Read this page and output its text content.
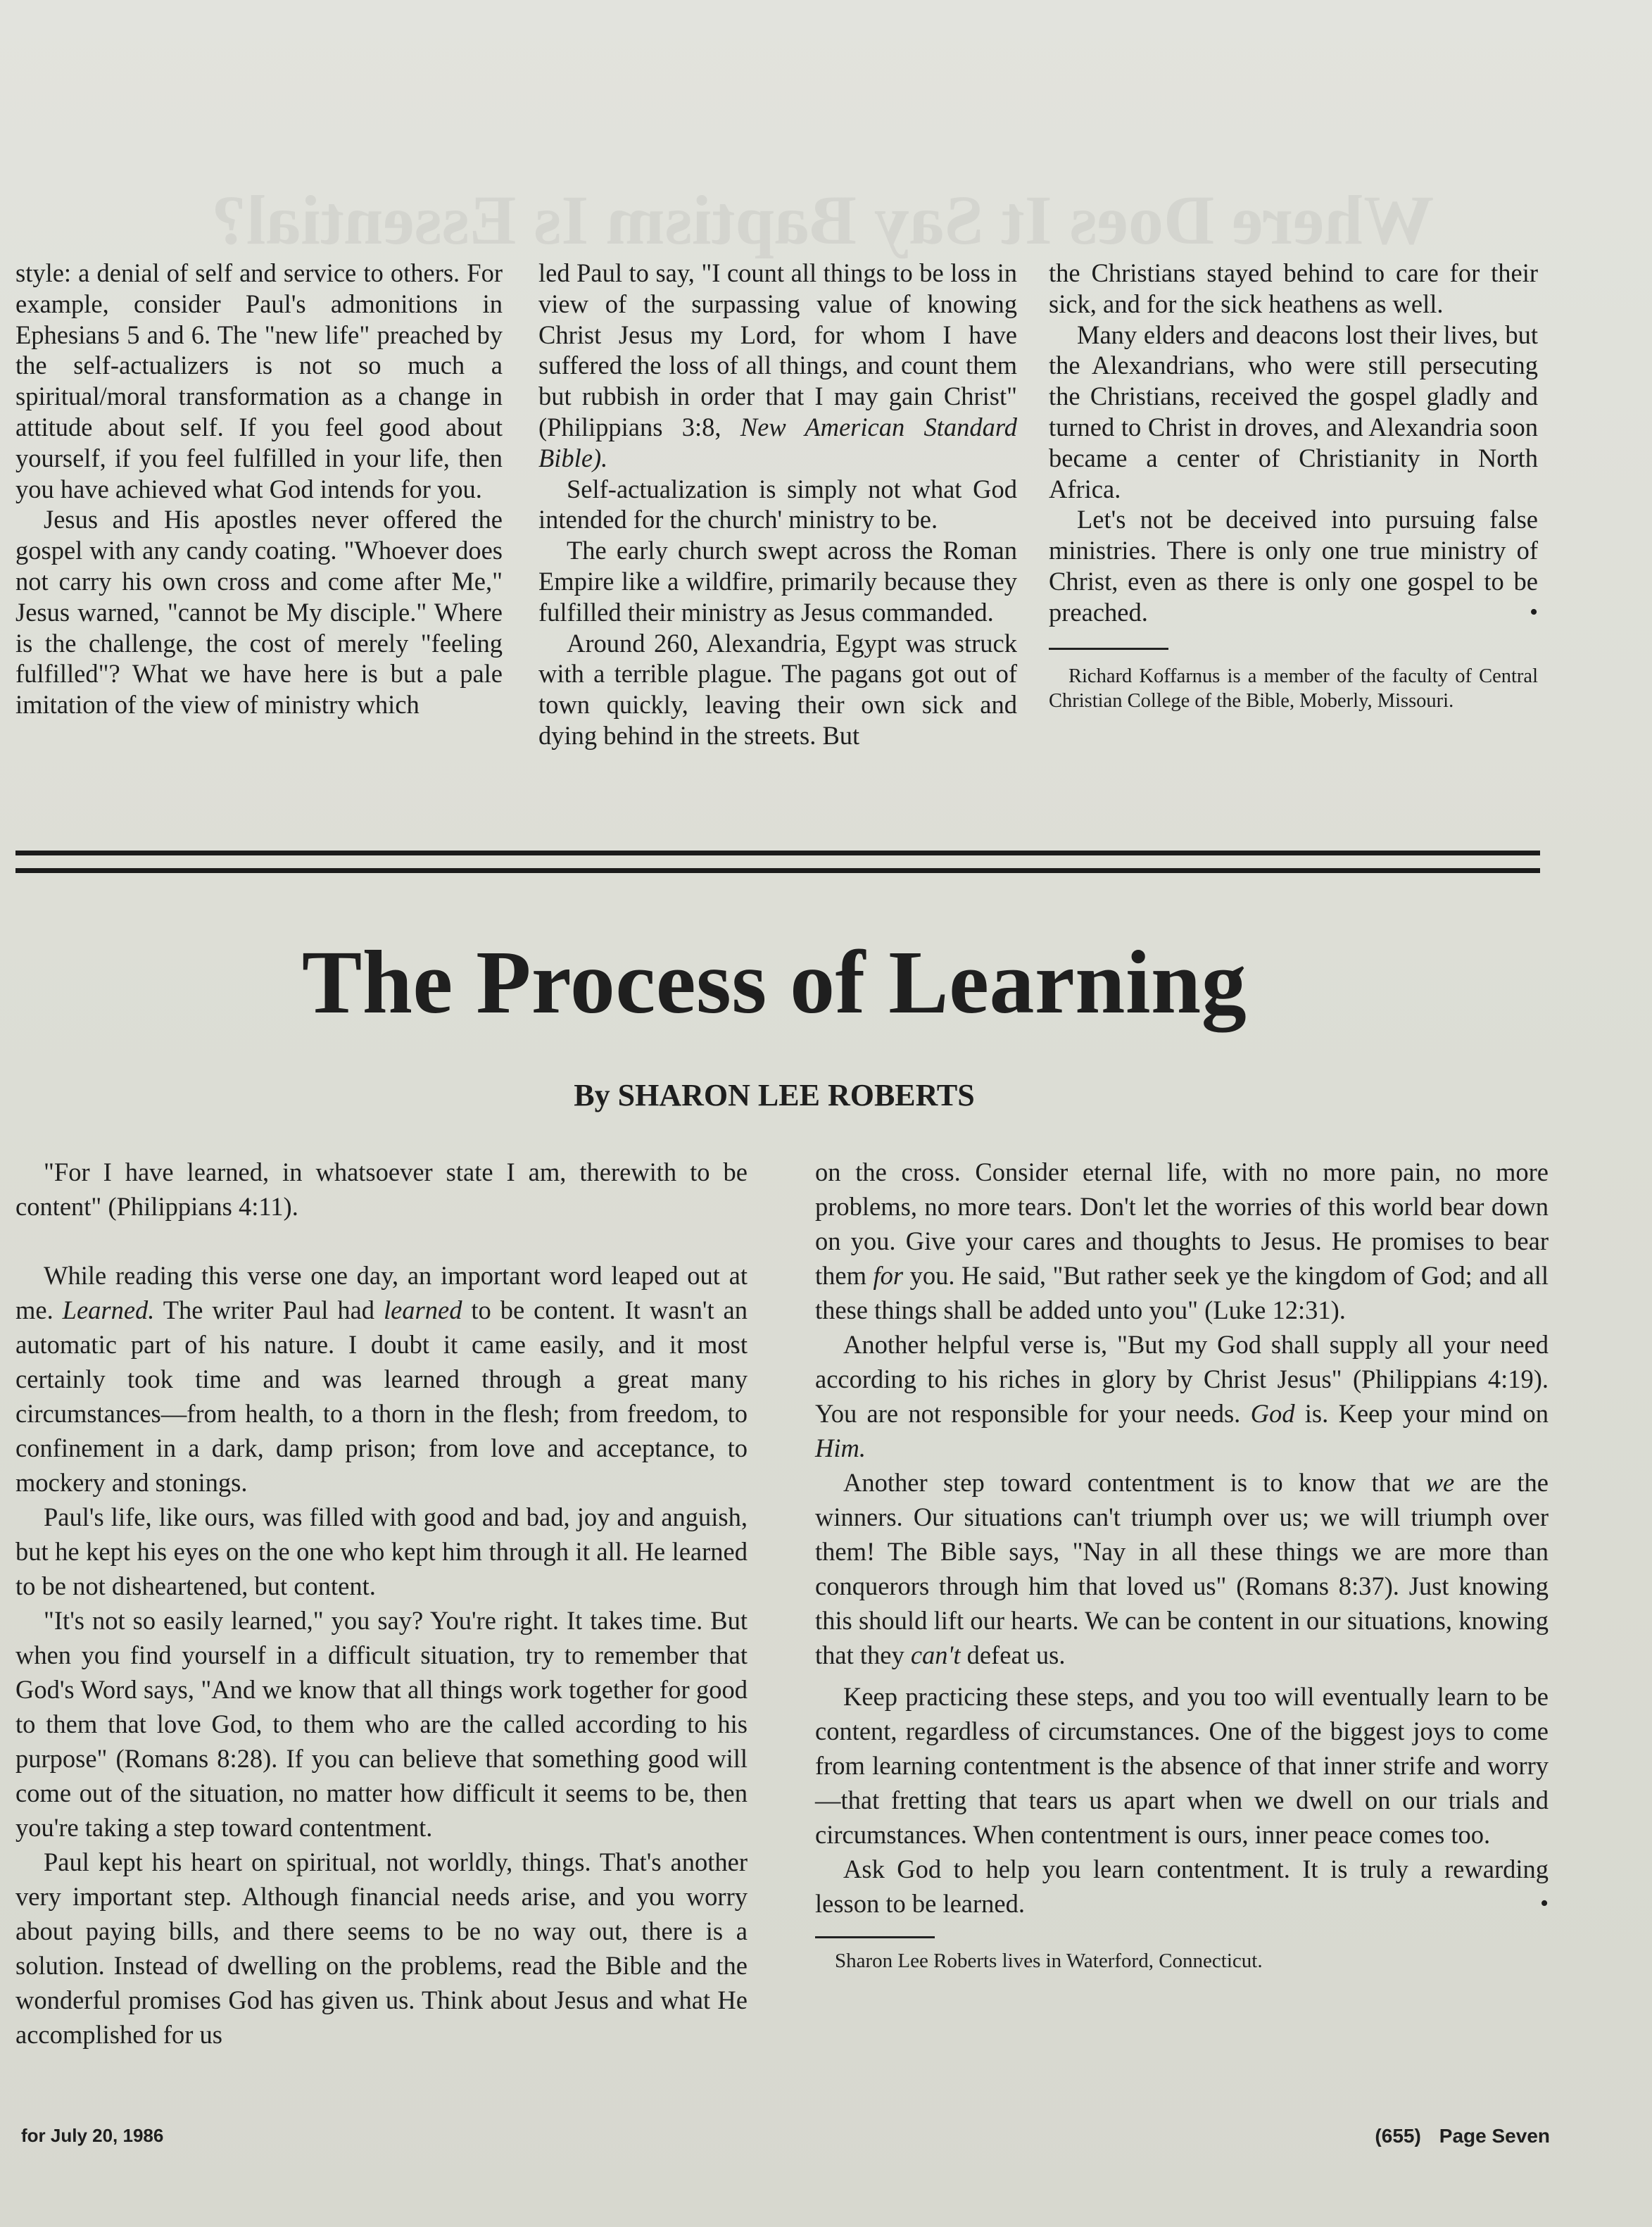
Where Does It Say Baptism Is Essential?

style: a denial of self and service to others. For example, consider Paul's admonitions in Ephesians 5 and 6. The "new life" preached by the self-actualizers is not so much a spiritual/moral transformation as a change in attitude about self. If you feel good about yourself, if you feel fulfilled in your life, then you have achieved what God intends for you.

Jesus and His apostles never offered the gospel with any candy coating. "Whoever does not carry his own cross and come after Me," Jesus warned, "cannot be My disciple." Where is the challenge, the cost of merely "feeling fulfilled"? What we have here is but a pale imitation of the view of ministry which

led Paul to say, "I count all things to be loss in view of the surpassing value of knowing Christ Jesus my Lord, for whom I have suffered the loss of all things, and count them but rubbish in order that I may gain Christ" (Philippians 3:8, New American Standard Bible).

Self-actualization is simply not what God intended for the church' ministry to be.

The early church swept across the Roman Empire like a wildfire, primarily because they fulfilled their ministry as Jesus commanded.

Around 260, Alexandria, Egypt was struck with a terrible plague. The pagans got out of town quickly, leaving their own sick and dying behind in the streets. But

the Christians stayed behind to care for their sick, and for the sick heathens as well.

Many elders and deacons lost their lives, but the Alexandrians, who were still persecuting the Christians, received the gospel gladly and turned to Christ in droves, and Alexandria soon became a center of Christianity in North Africa.

Let's not be deceived into pursuing false ministries. There is only one true ministry of Christ, even as there is only one gospel to be preached.	•

Richard Koffarnus is a member of the faculty of Central Christian College of the Bible, Moberly, Missouri.
The Process of Learning
By SHARON LEE ROBERTS

"For I have learned, in whatsoever state I am, therewith to be content" (Philippians 4:11).

While reading this verse one day, an important word leaped out at me. Learned. The writer Paul had learned to be content. It wasn't an automatic part of his nature. I doubt it came easily, and it most certainly took time and was learned through a great many circumstances—from health, to a thorn in the flesh; from freedom, to confinement in a dark, damp prison; from love and acceptance, to mockery and stonings.

Paul's life, like ours, was filled with good and bad, joy and anguish, but he kept his eyes on the one who kept him through it all. He learned to be not disheartened, but content.

"It's not so easily learned," you say? You're right. It takes time. But when you find yourself in a difficult situation, try to remember that God's Word says, "And we know that all things work together for good to them that love God, to them who are the called according to his purpose" (Romans 8:28). If you can believe that something good will come out of the situation, no matter how difficult it seems to be, then you're taking a step toward contentment.

Paul kept his heart on spiritual, not worldly, things. That's another very important step. Although financial needs arise, and you worry about paying bills, and there seems to be no way out, there is a solution. Instead of dwelling on the problems, read the Bible and the wonderful promises God has given us. Think about Jesus and what He accomplished for us

on the cross. Consider eternal life, with no more pain, no more problems, no more tears. Don't let the worries of this world bear down on you. Give your cares and thoughts to Jesus. He promises to bear them for you. He said, "But rather seek ye the kingdom of God; and all these things shall be added unto you" (Luke 12:31).

Another helpful verse is, "But my God shall supply all your need according to his riches in glory by Christ Jesus" (Philippians 4:19). You are not responsible for your needs. God is. Keep your mind on Him.

Another step toward contentment is to know that we are the winners. Our situations can't triumph over us; we will triumph over them! The Bible says, "Nay in all these things we are more than conquerors through him that loved us" (Romans 8:37). Just knowing this should lift our hearts. We can be content in our situations, knowing that they can't defeat us.

Keep practicing these steps, and you too will eventually learn to be content, regardless of circumstances. One of the biggest joys to come from learning contentment is the absence of that inner strife and worry—that fretting that tears us apart when we dwell on our trials and circumstances. When contentment is ours, inner peace comes too.

Ask God to help you learn contentment. It is truly a rewarding lesson to be learned.	•

Sharon Lee Roberts lives in Waterford, Connecticut.
for July 20, 1986	(655) Page Seven
